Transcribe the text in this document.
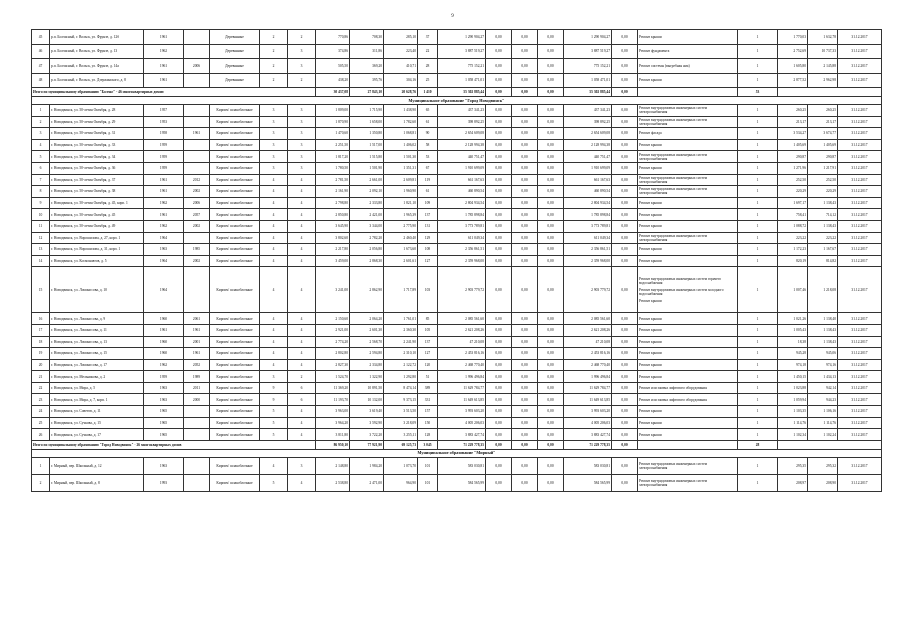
9
45	р.п. Болчасный, г. Вольск, ул. Фрунзе, д. 12б	1961		Деревянные	2	2	770,86	708,30	285,10	37	1 290 904,27	0,00	0,00	0,00	1 290 904,27	0,00	Ремонт крыши	1	1 770,03	1 632,78	31.12.2017
46	р.п. Болчасный, г. Вольск, ул. Фрунзе, д. 13	1962		Деревянные	2	3	374,86	311,86	223,40	22	3 887 519,27	0,00	0,00	0,00	3 887 519,27	0,00	Ремонт фундамента	1	2 752,69	10 737,33	31.12.2017
47	р.п. Болчасный, г. Вольск, ул. Фрунзе, д. 14а	1961	2006	Деревянные	2	3	505,50	369,20	410,71	28	775 152,21	0,00	0,00	0,00	775 152,21	0,00	Ремонт системы (выгребная яма)	1	1 605,80	2 145,88	31.12.2017
48	р.п. Болчасный, г. Вольск, ул. Дзержинского, д. 8	1961		Деревянные	2	2	438,20	395,76	304,16	25	1 058 471,01	0,00	0,00	0,00	1 058 471,01	0,00	Ремонт крыши	1	2 877,52	2 962,98	31.12.2017
Итого по муниципальному образованию "Болчас" - 46 многоквартирных домов:							30 437,08	27 843,10	20 628,76	1 410	55 302 885,44	0,00	0,00	0,00	55 302 885,44	0,00		53			
Муниципальное образование "Город Новодвинск"																					
1	г. Новодвинск, ул. 50-летия Октября, д. 28	1957		Кирпич/ шлакоблочные	3	3	1 809,00	1 715,90	1 438,90	65	437 341,23	0,00	0,00	0,00	437 341,23	0,00	Ремонт внутридомовых инженерных систем электроснабжения	1	260,25	260,25	31.12.2017
2	г. Новодвинск, ул. 50-летия Октября, д. 29	1953		Кирпич/ шлакоблочные	3	3	1 870,90	1 658,00	1 782,60	61	398 892,25	0,00	0,00	0,00	398 892,25	0,00	Ремонт внутридомовых инженерных систем электроснабжения	1	213,17	213,17	31.12.2017
3	г. Новодвинск, ул. 50-летия Октября, д. 31	1958	1961	Кирпич/ шлакоблочные	3	3	1 470,60	1 350,80	1 068,81	90	2 654 609,08	0,00	0,00	0,00	2 654 609,08	0,00	Ремонт фасада	1	3 534,27	3 674,77	31.12.2017
4	г. Новодвинск, ул. 50-летия Октября, д. 33	1959		Кирпич/ шлакоблочные	3	3	2 251,50	1 517,00	1 406,02	58	2 128 994,38	0,00	0,00	0,00	2 128 994,38	0,00	Ремонт крыши	1	1 405,69	1 405,69	31.12.2017
5	г. Новодвинск, ул. 50-летия Октября, д. 34	1959		Кирпич/ шлакоблочные	3	3	1 817,20	1 515,80	1 501,30	53	440 751,47	0,00	0,00	0,00	440 751,47	0,00	Ремонт внутридомовых инженерных систем электроснабжения	1	290,87	290,87	31.12.2017
6	г. Новодвинск, ул. 50-летия Октября, д. 36	1959		Кирпич/ шлакоблочные	3	3	1 780,50	1 501,90	1 351,31	67	1 910 699,09	0,00	0,00	0,00	1 910 699,09	0,00	Ремонт крыши	1	1 271,96	1 217,91	31.12.2017
7	г. Новодвинск, ул. 50-летия Октября, д. 37	1961	2012	Кирпич/ шлакоблочные	4	4	2 781,50	2 661,00	2 609,81	119	661 167,63	0,00	0,00	0,00	661 167,63	0,00	Ремонт внутридомовых инженерных систем электроснабжения	1	252,50	252,50	31.12.2017
8	г. Новодвинск, ул. 50-летия Октября, д. 38	1961	2002	Кирпич/ шлакоблочные	4	4	2 161,90	2 092,10	1 960,90	61	460 890,54	0,00	0,00	0,00	460 890,54	0,00	Ремонт внутридомовых инженерных систем электроснабжения	1	220,29	220,29	31.12.2017
9	г. Новодвинск, ул. 50-летия Октября, д. 45, корп. 1	1962	2006	Кирпич/ шлакоблочные	4	4	2 798,80	2 333,80	1 821,10	109	2 804 934,54	0,00	0,00	0,00	2 804 934,54	0,00	Ремонт крыши	1	1 697,17	1 138,43	31.12.2017
10	г. Новодвинск, ул. 50-летия Октября, д. 45	1961	2057	Кирпич/ шлакоблочные	4	4	2 850,80	2 421,00	1 965,39	137	1 785 898,84	0,00	0,00	0,00	1 785 898,84	0,00	Ремонт крыши	1	758,41	714,12	31.12.2017
11	г. Новодвинск, ул. 50-летия Октября, д. 49	1962	2002	Кирпич/ шлакоблочные	4	4	3 645,90	3 344,00	2 775,90	131	3 773 789,81	0,00	0,00	0,00	3 773 789,81	0,00	Ремонт крыши	1	1 088,72	1 138,43	31.12.2017
12	г. Новодвинск, ул. Ворошилова, д. 27, корп. 1	1964		Кирпич/ шлакоблочные	4	4	3 802,60	2 782,20	2 460,40	129	611 049,34	0,00	0,00	0,00	611 049,34	0,00	Ремонт внутридомовых инженерных систем электроснабжения	1	223,22	223,22	31.12.2017
13	г. Новодвинск, ул. Ворошилова, д. 31, корп. 1	1963	1985	Кирпич/ шлакоблочные	4	4	2 217,80	2 056,80	1 673,60	108	2 356 861,51	0,00	0,00	0,00	2 356 861,51	0,00	Ремонт крыши	1	1 172,23	1 167,67	31.12.2017
14	г. Новодвинск, ул. Космонавтов, д. 5	1964	2002	Кирпич/ шлакоблочные	4	4	3 459,00	2 868,30	2 601,61	127	2 359 968,00	0,00	0,00	0,00	2 359 968,00	0,00	Ремонт крыши	1	820,19	814,82	31.12.2017
15	г. Новодвинск, ул. Ломоносова, д. 10	1964		Кирпич/ шлакоблочные	4	4	3 241,00	2 862,90	1 717,89	103	2 903 779,72	0,00	0,00	0,00	2 903 779,72	0,00	Ремонт внутридомовых инженерных систем горячего водоснабжения
Ремонт внутридомовых инженерных систем холодного водоснабжения
Ремонт крыши	1	1 007,46	1 218,08	31.12.2017
16	г. Новодвинск, ул. Ломоносова, д. 9	1960	2061	Кирпич/ шлакоблочные	4	4	2 150,60	2 064,20	1 761,01	85	2 085 561,60	0,00	0,00	0,00	2 085 561,60	0,00	Ремонт крыши	1	1 021,26	1 138,40	31.12.2017
17	г. Новодвинск, ул. Ломоносова, д. 11	1961	1961	Кирпич/ шлакоблочные	4	4	2 921,00	2 601,30	2 360,30	105	2 621 208,26	0,00	0,00	0,00	2 621 208,26	0,00	Ремонт крыши	1	1 005,43	1 138,43	31.12.2017
18	г. Новодвинск, ул. Ломоносова, д. 13	1960	2001	Кирпич/ шлакоблочные	4	4	2 774,20	2 568,70	2 241,90	137	47 210,08	0,00	0,00	0,00	47 210,08	0,00	Ремонт крыши	1	18,38	1 138,43	31.12.2017
19	г. Новодвинск, ул. Ломоносова, д. 15	1960	1961	Кирпич/ шлакоблочные	4	4	2 802,80	2 594,80	2 310,10	127	2 453 816,16	0,00	0,00	0,00	2 453 816,16	0,00	Ремонт крыши	1	945,28	945,06	31.12.2017
20	г. Новодвинск, ул. Ломоносова, д. 17	1962	2052	Кирпич/ шлакоблочные	4	4	2 827,30	2 334,80	2 122,72	120	2 468 770,40	0,00	0,00	0,00	2 468 770,40	0,00	Ремонт крыши	1	974,18	974,16	31.12.2017
21	г. Новодвинск, ул. Мельникова, д. 2	1959	1989	Кирпич/ шлакоблочные	3	2	1 524,70	1 322,90	1 292,80	51	1 996 496,84	0,00	0,00	0,00	1 996 496,84	0,00	Ремонт крыши	1	1 450,15	1 434,13	31.12.2017
22	г. Новодвинск, ул. Мира, д. 5	1963	2011	Кирпич/ шлакоблочные	9	6	11 369,20	10 891,50	8 474,14	389	11 629 784,77	0,00	0,00	0,00	11 629 784,77	0,00	Ремонт или замена лифтового оборудования	1	1 023,88	942,14	31.12.2017
23	г. Новодвинск, ул. Мира, д. 7, корп. 1	1963	2000	Кирпич/ шлакоблочные	9	6	11 193,70	10 132,00	9 373,15	331	11 649 613,85	0,00	0,00	0,00	11 649 613,85	0,00	Ремонт или замена лифтового оборудования	1	1 059,94	944,23	31.12.2017
24	г. Новодвинск, ул. Советов, д. 11	1965		Кирпич/ шлакоблочные	5	4	3 963,00	3 619,40	3 513,50	157	3 993 603,20	0,00	0,00	0,00	3 993 603,20	0,00	Ремонт крыши	1	1 103,35	1 106,16	31.12.2017
25	г. Новодвинск, ул. Сучкова, д. 15	1965		Кирпич/ шлакоблочные	5	4	3 964,20	3 592,90	3 218,09	150	4 005 206,03	0,00	0,00	0,00	4 005 206,03	0,00	Ремонт крыши	1	1 114,76	1 114,76	31.12.2017
26	г. Новодвинск, ул. Сучкова, д. 17	1965		Кирпич/ шлакоблочные	5	4	3 811,80	3 722,20	3 255,11	128	3 883 427,74	0,00	0,00	0,00	3 883 427,74	0,00	Ремонт крыши	1	1 102,34	1 102,24	31.12.2017
Итого по муниципальному образованию "Город Новодвинск" - 26 многоквартирных домов							86 950,10	77 921,90	69 125,73	3 045	71 229 778,35	0,00	0,00	0,00	71 229 778,35	0,00		28			
Муниципальное образование "Мирный"																					
1	г. Мирный, пер. Школьный, д. 12	1963		Кирпич/ шлакоблочные	4	3	2 148,80	1 984,20	1 073,70	101	583 030,81	0,00	0,00	0,00	583 030,81	0,00	Ремонт внутридомовых инженерных систем электроснабжения	1	295,35	295,32	31.12.2017
2	г. Мирный, пер. Школьный, д. 8	1993		Кирпич/ шлакоблочные	5	4	2 538,80	2 471,00	964,90	101	584 565,99	0,00	0,00	0,00	584 565,99	0,00	Ремонт внутридомовых инженерных систем электроснабжения	1	208,97	208,90	31.12.2017
